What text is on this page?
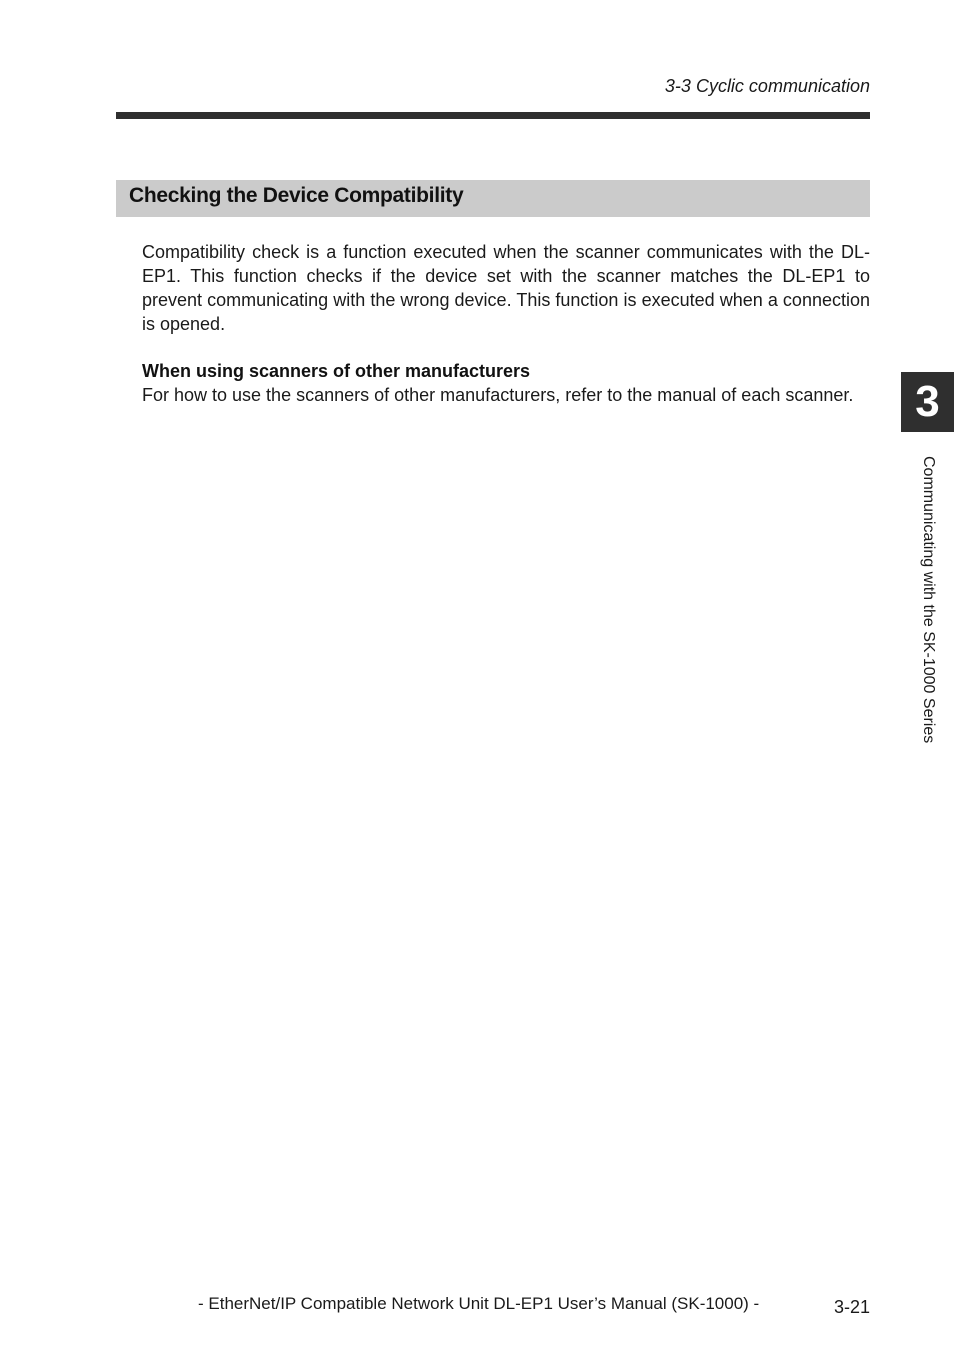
3-3 Cyclic communication
Checking the Device Compatibility

Compatibility check is a function executed when the scanner communicates with the DL-EP1. This function checks if the device set with the scanner matches the DL-EP1 to prevent communicating with the wrong device. This function is executed when a connection is opened.

When using scanners of other manufacturers

For how to use the scanners of other manufacturers, refer to the manual of each scanner.	3
Communicating with the SK-1000 Series
- EtherNet/IP Compatible Network Unit DL-EP1 User’s Manual (SK-1000) -	3-21
